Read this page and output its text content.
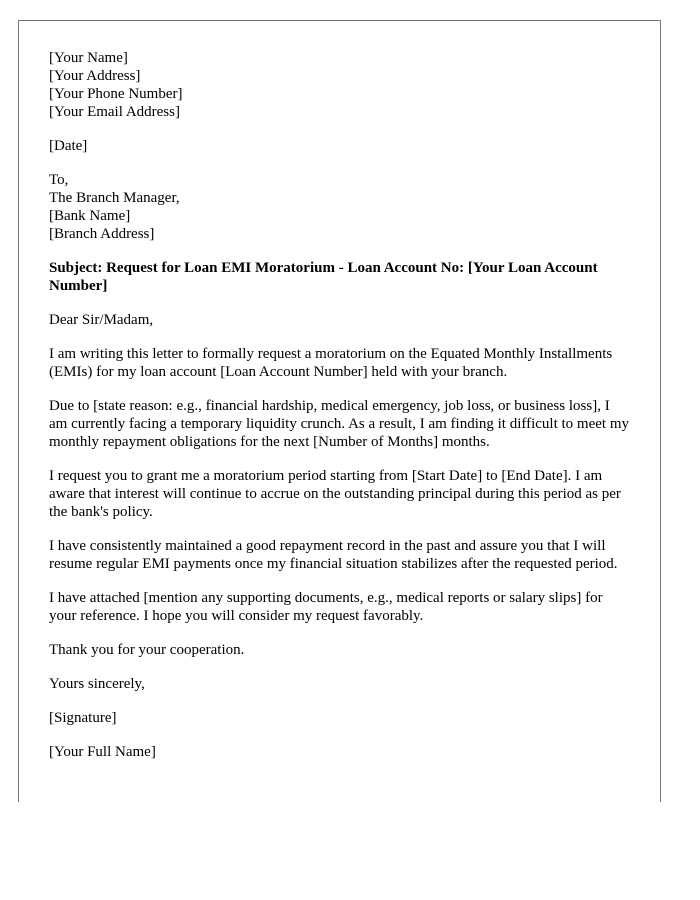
[Your Name]
[Your Address]
[Your Phone Number]
[Your Email Address]

[Date]

To,
The Branch Manager,
[Bank Name]
[Branch Address]

Subject: Request for Loan EMI Moratorium - Loan Account No: [Your Loan Account Number]

Dear Sir/Madam,

I am writing this letter to formally request a moratorium on the Equated Monthly Installments (EMIs) for my loan account [Loan Account Number] held with your branch.

Due to [state reason: e.g., financial hardship, medical emergency, job loss, or business loss], I am currently facing a temporary liquidity crunch. As a result, I am finding it difficult to meet my monthly repayment obligations for the next [Number of Months] months.

I request you to grant me a moratorium period starting from [Start Date] to [End Date]. I am aware that interest will continue to accrue on the outstanding principal during this period as per the bank's policy.

I have consistently maintained a good repayment record in the past and assure you that I will resume regular EMI payments once my financial situation stabilizes after the requested period.

I have attached [mention any supporting documents, e.g., medical reports or salary slips] for your reference. I hope you will consider my request favorably.

Thank you for your cooperation.

Yours sincerely,

[Signature]

[Your Full Name]
